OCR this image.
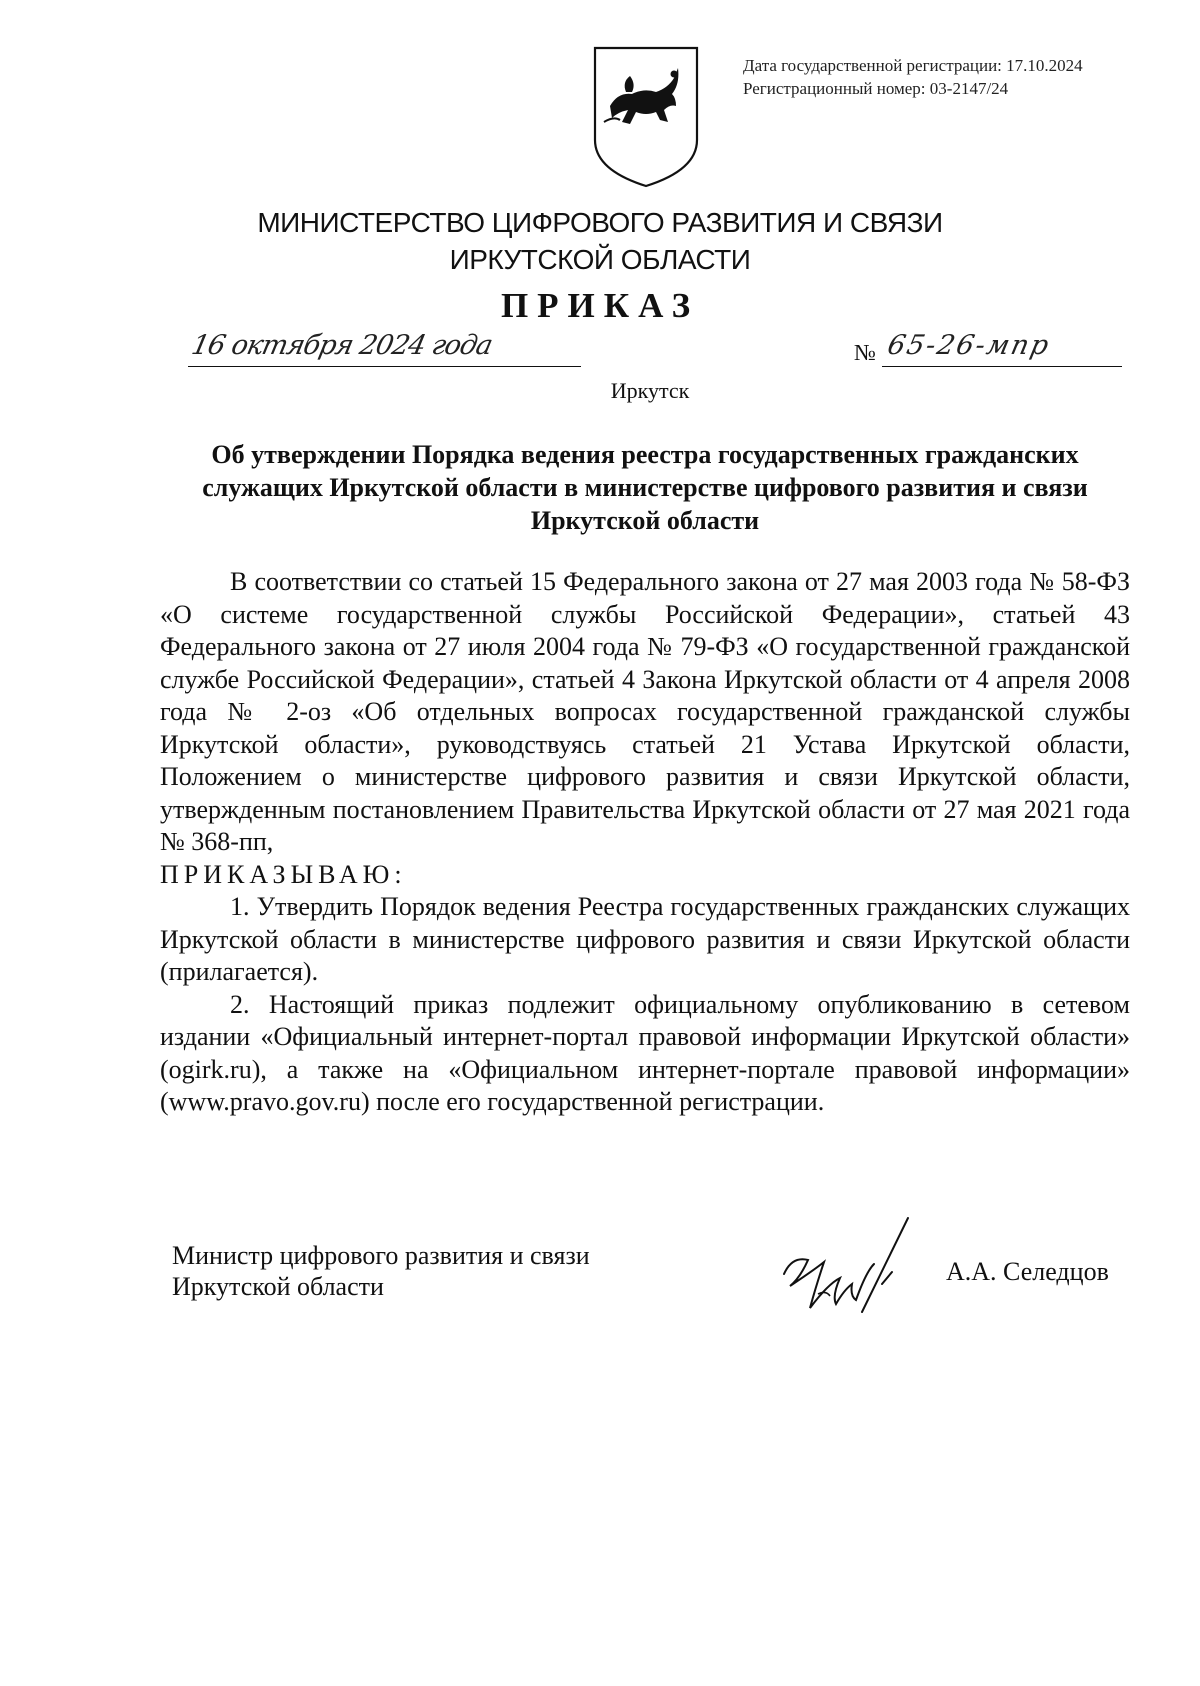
Дата государственной регистрации: 17.10.2024
Регистрационный номер: 03-2147/24
МИНИСТЕРСТВО ЦИФРОВОГО РАЗВИТИЯ И СВЯЗИ
ИРКУТСКОЙ ОБЛАСТИ
ПРИКАЗ
16 октября 2024 года	№ 65-26-мпр
Иркутск
Об утверждении Порядка ведения реестра государственных гражданских служащих Иркутской области в министерстве цифрового развития и связи Иркутской области

В соответствии со статьей 15 Федерального закона от 27 мая 2003 года № 58-ФЗ «О системе государственной службы Российской Федерации», статьей 43 Федерального закона от 27 июля 2004 года № 79-ФЗ «О государственной гражданской службе Российской Федерации», статьей 4 Закона Иркутской области от 4 апреля 2008 года № 2-оз «Об отдельных вопросах государственной гражданской службы Иркутской области», руководствуясь статьей 21 Устава Иркутской области, Положением о министерстве цифрового развития и связи Иркутской области, утвержденным постановлением Правительства Иркутской области от 27 мая 2021 года № 368-пп,

ПРИКАЗЫВАЮ:

1. Утвердить Порядок ведения Реестра государственных гражданских служащих Иркутской области в министерстве цифрового развития и связи Иркутской области (прилагается).

2. Настоящий приказ подлежит официальному опубликованию в сетевом издании «Официальный интернет-портал правовой информации Иркутской области» (ogirk.ru), а также на «Официальном интернет-портале правовой информации» (www.pravo.gov.ru) после его государственной регистрации.

Министр цифрового развития и связи
Иркутской области
А.А. Селедцов
